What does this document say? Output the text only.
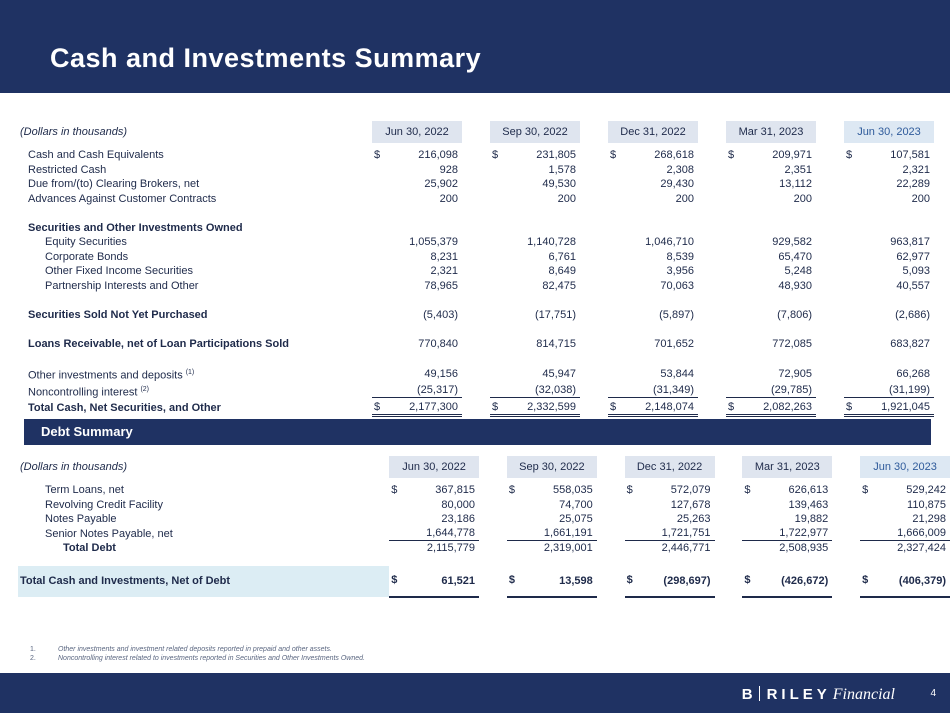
Cash and Investments Summary
(Dollars in thousands)	Jun 30, 2022		Sep 30, 2022		Dec 31, 2022		Mar 31, 2023		Jun 30, 2023

Cash and Cash Equivalents	$ 216,098		$ 231,805		$ 268,618		$ 209,971		$ 107,581

Restricted Cash	928		1,578		2,308		2,351		2,321

Due from/(to) Clearing Brokers, net	25,902		49,530		29,430		13,112		22,289

Advances Against Customer Contracts	200		200		200		200		200

Securities and Other Investments Owned									
Equity Securities	1,055,379		1,140,728		1,046,710		929,582		963,817

Corporate Bonds	8,231		6,761		8,539		65,470		62,977

Other Fixed Income Securities	2,321		8,649		3,956		5,248		5,093

Partnership Interests and Other	78,965		82,475		70,063		48,930		40,557

Securities Sold Not Yet Purchased	(5,403)		(17,751)		(5,897)		(7,806)		(2,686)

Loans Receivable, net of Loan Participations Sold	770,840		814,715		701,652		772,085		683,827

Other investments and deposits $^{(1)}$	49,156		45,947		53,844		72,905		66,268

Noncontrolling interest $^{(2)}$	(25,317)		(32,038)		(31,349)		(29,785)		(31,199)

Total Cash, Net Securities, and Other	$ 2,177,300		$ 2,332,599		$ 2,148,074		$ 2,082,263		$ 1,921,045
Debt Summary
(Dollars in thousands)	Jun 30, 2022		Sep 30, 2022		Dec 31, 2022		Mar 31, 2023		Jun 30, 2023

Term Loans, net	$ 367,815		$ 558,035		$ 572,079		$ 626,613		$ 529,242

Revolving Credit Facility	80,000		74,700		127,678		139,463		110,875

Notes Payable	23,186		25,075		25,263		19,882		21,298

Senior Notes Payable, net	1,644,778		1,661,191		1,721,751		1,722,977		1,666,009

Total Debt	2,115,779		2,319,001		2,446,771		2,508,935		2,327,424

Total Cash and Investments, Net of Debt	$ 61,521		$ 13,598		$ (298,697)		$ (426,672)		$ (406,379)
1.	Other investments and investment related deposits reported in prepaid and other assets.
2.	Noncontrolling interest related to investments reported in Securities and Other Investments Owned.
B RILEY Financial	4
